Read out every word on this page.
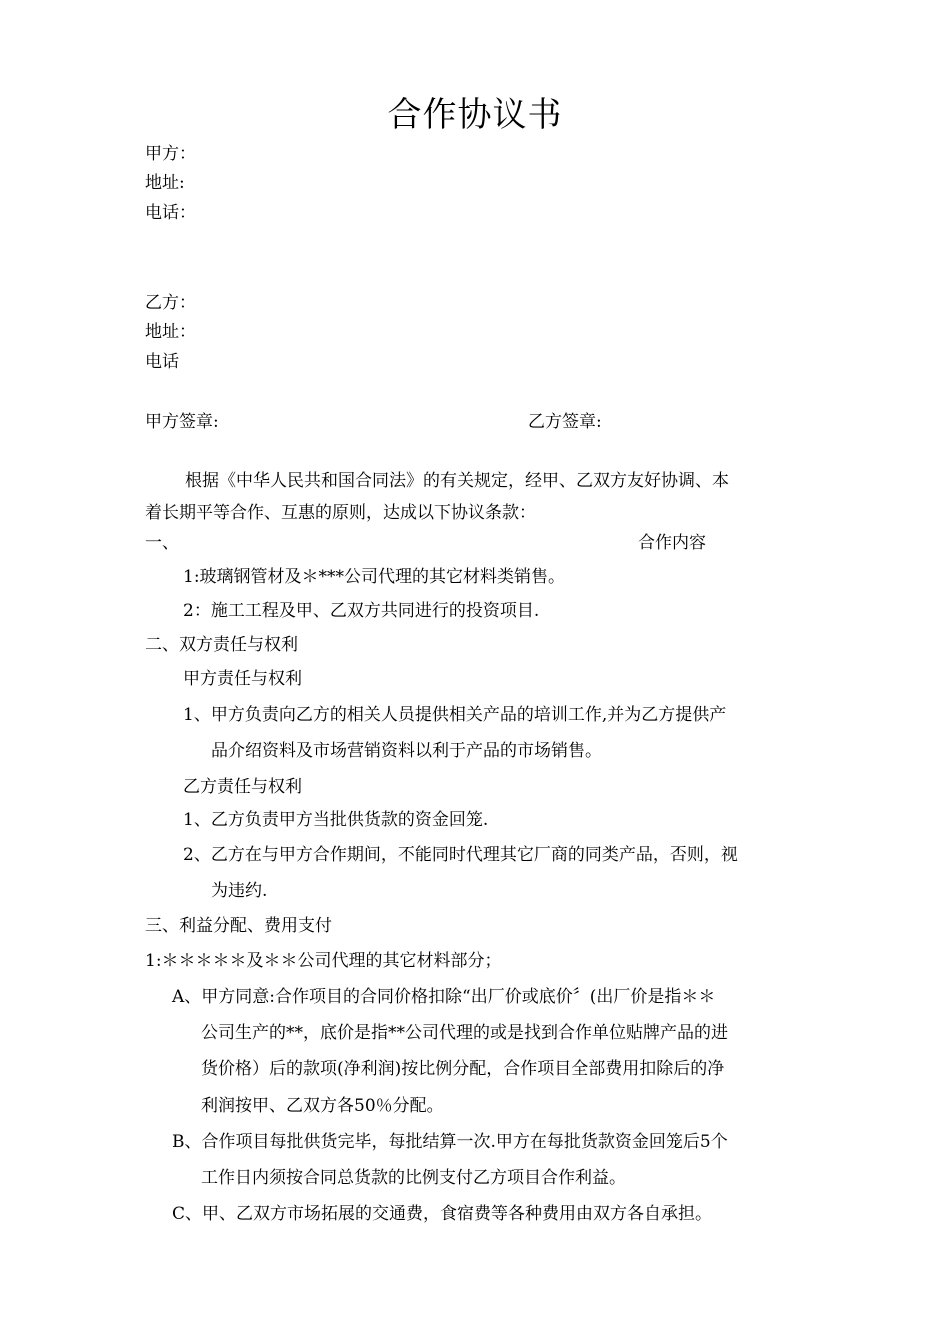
合作协议书
甲方：
地址:
电话：
乙方：
地址：
电话
甲方签章:	乙方签章:
根据《中华人民共和国合同法》的有关规定，经甲、乙双方友好协调、本
着长期平等合作、互惠的原则，达成以下协议条款：
一、	合作内容
1:玻璃钢管材及＊***公司代理的其它材料类销售。
2：施工工程及甲、乙双方共同进行的投资项目.
二、双方责任与权利
甲方责任与权利
1、甲方负责向乙方的相关人员提供相关产品的培训工作,并为乙方提供产
品介绍资料及市场营销资料以利于产品的市场销售。
乙方责任与权利
1、乙方负责甲方当批供货款的资金回笼.
2、乙方在与甲方合作期间，不能同时代理其它厂商的同类产品，否则，视
为违约.
三、利益分配、费用支付
1:＊＊＊＊＊及＊＊公司代理的其它材料部分；
A、甲方同意:合作项目的合同价格扣除“出厂价或底价〞(出厂价是指＊＊
公司生产的**，底价是指**公司代理的或是找到合作单位贴牌产品的进
货价格）后的款项(净利润)按比例分配，合作项目全部费用扣除后的净
利润按甲、乙双方各50％分配。
B、合作项目每批供货完毕，每批结算一次.甲方在每批货款资金回笼后5个
工作日内须按合同总货款的比例支付乙方项目合作利益。
C、甲、乙双方市场拓展的交通费，食宿费等各种费用由双方各自承担。
